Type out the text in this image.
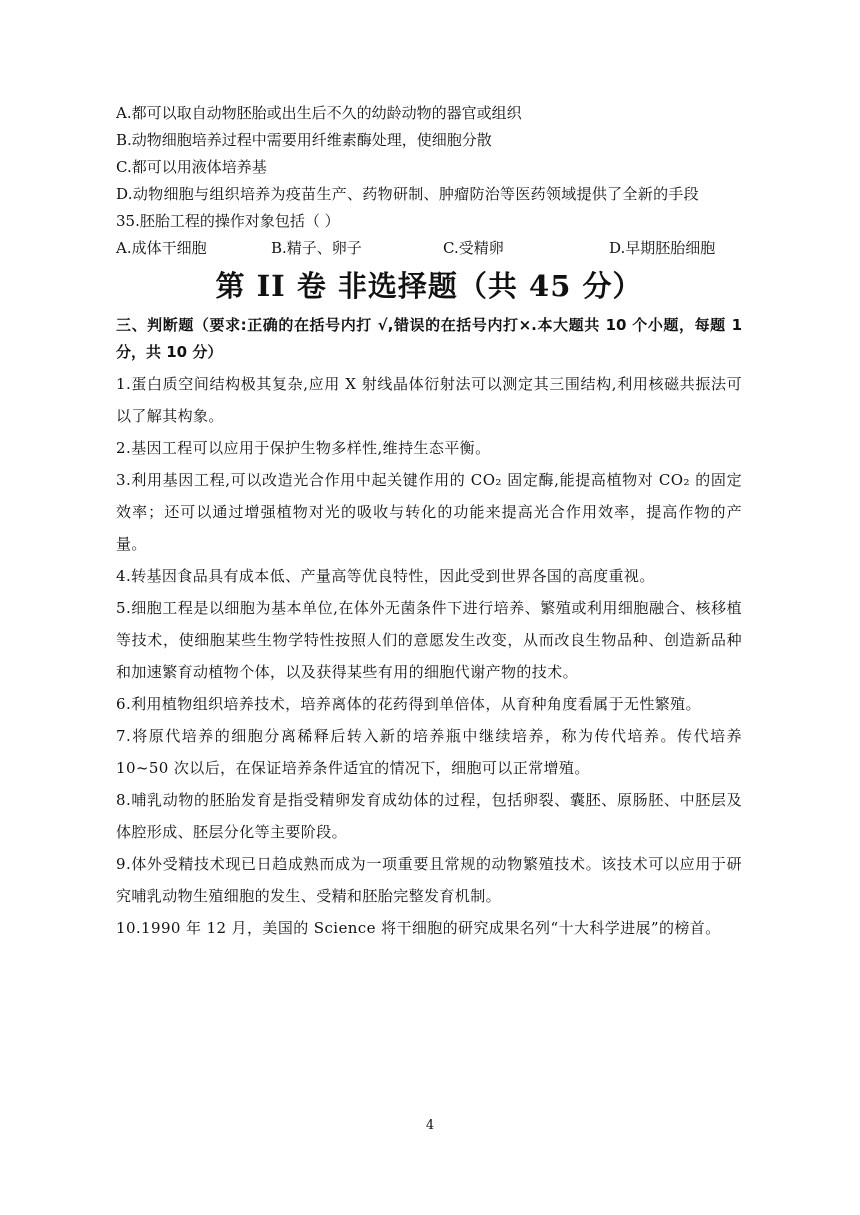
A.都可以取自动物胚胎或出生后不久的幼龄动物的器官或组织
B.动物细胞培养过程中需要用纤维素酶处理，使细胞分散
C.都可以用液体培养基
D.动物细胞与组织培养为疫苗生产、药物研制、肿瘤防治等医药领域提供了全新的手段
35.胚胎工程的操作对象包括（ ）
A.成体干细胞	B.精子、卵子	C.受精卵	D.早期胚胎细胞
第 II 卷 非选择题（共 45 分）
三、判断题（要求:正确的在括号内打 √,错误的在括号内打×.本大题共 10 个小题，每题 1 分，共 10 分）
1.蛋白质空间结构极其复杂,应用 X 射线晶体衍射法可以测定其三围结构,利用核磁共振法可以了解其构象。
2.基因工程可以应用于保护生物多样性,维持生态平衡。
3.利用基因工程,可以改造光合作用中起关键作用的 CO₂ 固定酶,能提高植物对 CO₂ 的固定效率；还可以通过增强植物对光的吸收与转化的功能来提高光合作用效率，提高作物的产量。
4.转基因食品具有成本低、产量高等优良特性，因此受到世界各国的高度重视。
5.细胞工程是以细胞为基本单位,在体外无菌条件下进行培养、繁殖或利用细胞融合、核移植等技术，使细胞某些生物学特性按照人们的意愿发生改变，从而改良生物品种、创造新品种和加速繁育动植物个体，以及获得某些有用的细胞代谢产物的技术。
6.利用植物组织培养技术，培养离体的花药得到单倍体，从育种角度看属于无性繁殖。
7.将原代培养的细胞分离稀释后转入新的培养瓶中继续培养，称为传代培养。传代培养 10~50 次以后，在保证培养条件适宜的情况下，细胞可以正常增殖。
8.哺乳动物的胚胎发育是指受精卵发育成幼体的过程，包括卵裂、囊胚、原肠胚、中胚层及体腔形成、胚层分化等主要阶段。
9.体外受精技术现已日趋成熟而成为一项重要且常规的动物繁殖技术。该技术可以应用于研究哺乳动物生殖细胞的发生、受精和胚胎完整发育机制。
10.1990 年 12 月，美国的 Science 将干细胞的研究成果名列“十大科学进展”的榜首。
4
